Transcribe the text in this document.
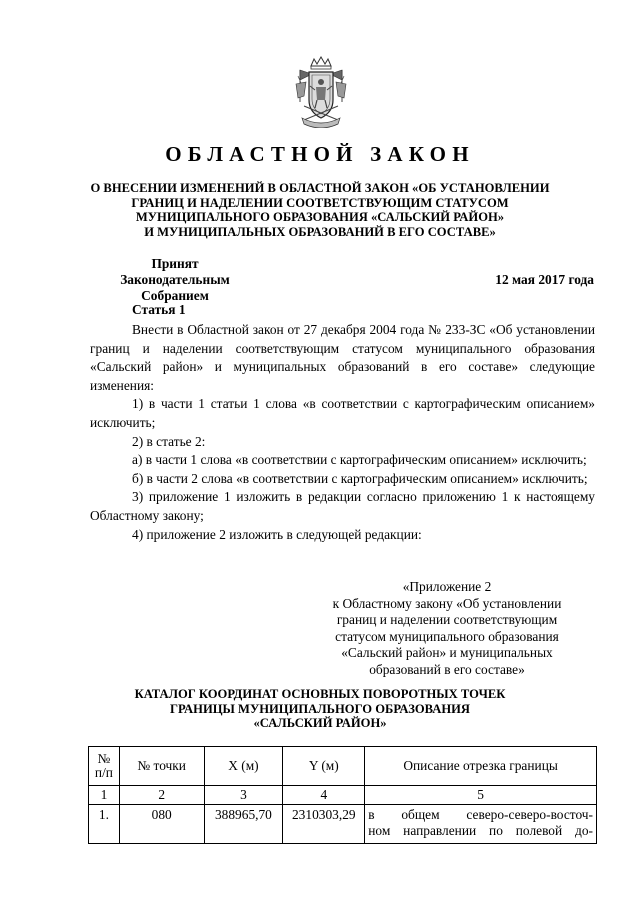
ОБЛАСТНОЙ ЗАКОН
О ВНЕСЕНИИ ИЗМЕНЕНИЙ В ОБЛАСТНОЙ ЗАКОН «ОБ УСТАНОВЛЕНИИ
ГРАНИЦ И НАДЕЛЕНИИ СООТВЕТСТВУЮЩИМ СТАТУСОМ
МУНИЦИПАЛЬНОГО ОБРАЗОВАНИЯ «САЛЬСКИЙ РАЙОН»
И МУНИЦИПАЛЬНЫХ ОБРАЗОВАНИЙ В ЕГО СОСТАВЕ»
Принят
Законодательным Собранием
12 мая 2017 года
Статья 1

Внести в Областной закон от 27 декабря 2004 года № 233-ЗС «Об установлении границ и наделении соответствующим статусом муниципального образования «Сальский район» и муниципальных образований в его составе» следующие изменения:

1) в части 1 статьи 1 слова «в соответствии с картографическим описанием» исключить;

2) в статье 2:

а) в части 1 слова «в соответствии с картографическим описанием» исключить;

б) в части 2 слова «в соответствии с картографическим описанием» исключить;

3) приложение 1 изложить в редакции согласно приложению 1 к настоящему Областному закону;

4) приложение 2 изложить в следующей редакции:

«Приложение 2
к Областному закону «Об установлении
границ и наделении соответствующим
статусом муниципального образования
«Сальский район» и муниципальных
образований в его составе»
КАТАЛОГ КООРДИНАТ ОСНОВНЫХ ПОВОРОТНЫХ ТОЧЕК
ГРАНИЦЫ МУНИЦИПАЛЬНОГО ОБРАЗОВАНИЯ
«САЛЬСКИЙ РАЙОН»
№
п/п	№ точки	X (м)	Y (м)	Описание отрезка границы
1	2	3	4	5
1.	080	388965,70	2310303,29	в общем северо-северо-восточ-
ном направлении по полевой до-
